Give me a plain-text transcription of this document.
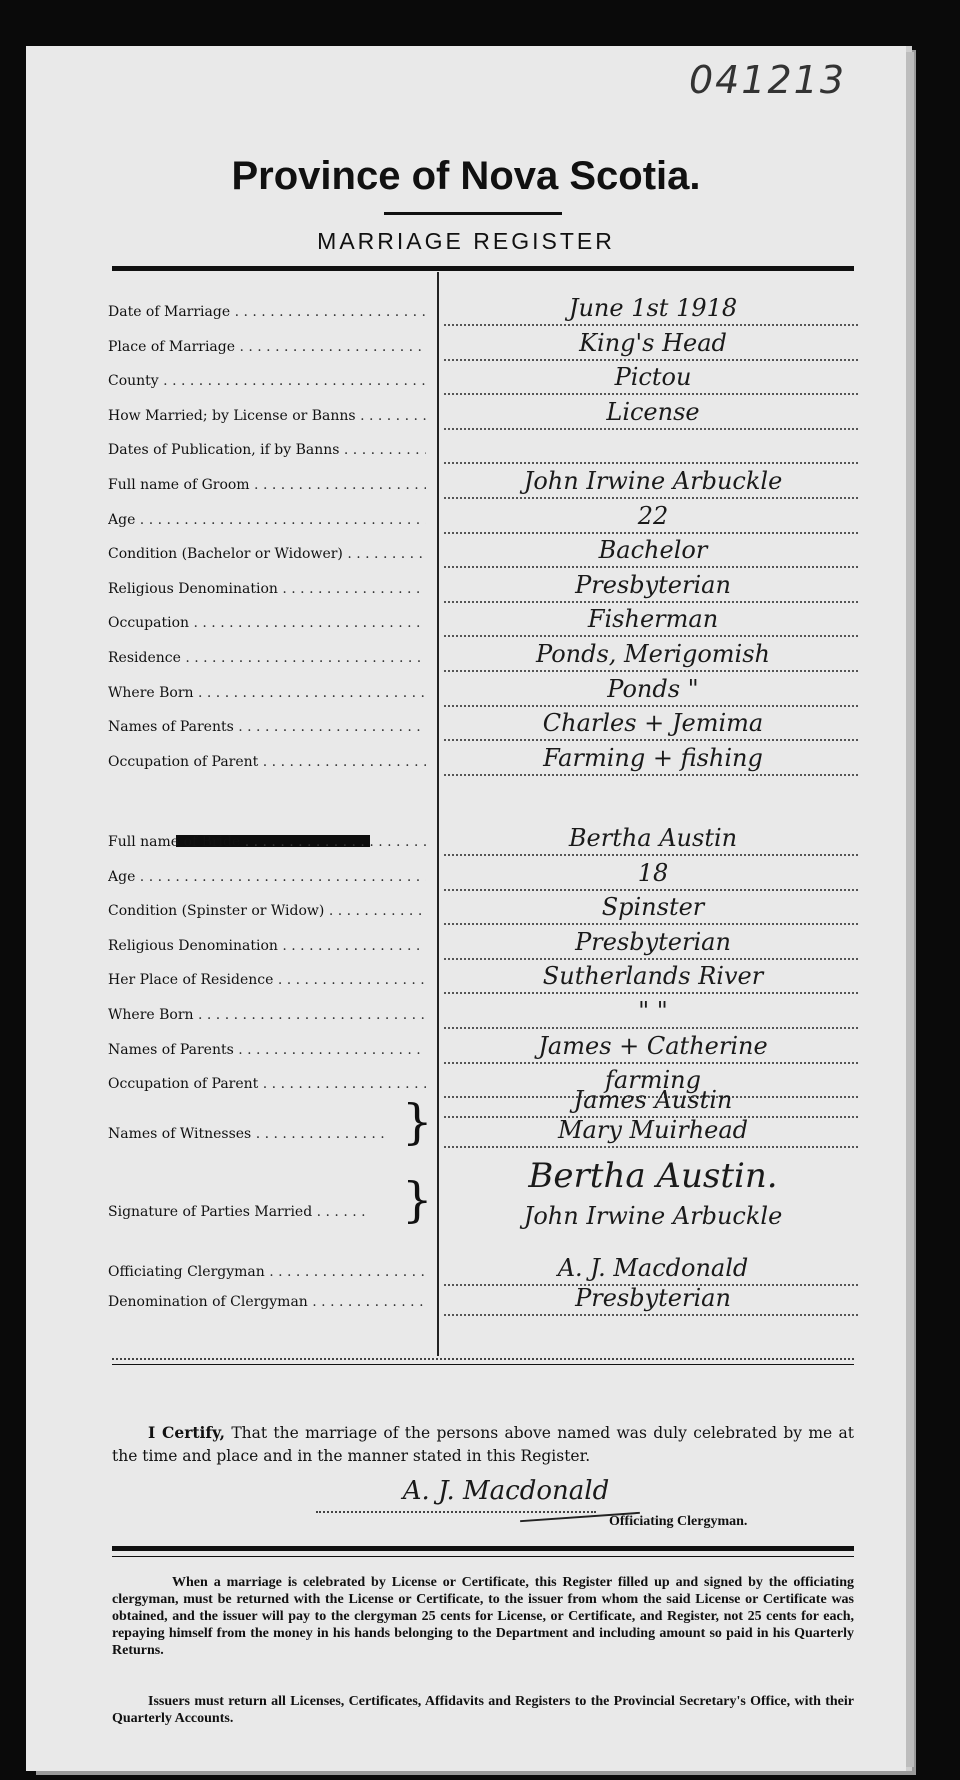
041213
Province of Nova Scotia.
MARRIAGE REGISTER
Date of Marriage . . .	June 1st 1918
Place of Marriage . . .	King's Head
County . . .	Pictou
How Married; by License or Banns . . .	License
Dates of Publication, if by Banns . . .
Full name of Groom . . .	John Irwine Arbuckle
Age . . .	22
Condition (Bachelor or Widower) . . .	Bachelor
Religious Denomination . . .	Presbyterian
Occupation . . .	Fisherman
Residence . . .	Ponds, Merigomish
Where Born . . .	Ponds "
Names of Parents . . .	Charles + Jemima
Occupation of Parent . . .	Farming + fishing
Full name of Bride . . .	Bertha Austin
Age . . .	18
Condition (Spinster or Widow) . . .	Spinster
Religious Denomination . . .	Presbyterian
Her Place of Residence . . .	Sutherlands River
Where Born . . .	" "
Names of Parents . . .	James + Catherine
Occupation of Parent . . .	farming
Names of Witnesses . . .	}	James Austin
Mary Muirhead
Signature of Parties Married . . .	}	Bertha Austin.
John Irwine Arbuckle
Officiating Clergyman . . .	A. J. Macdonald
Denomination of Clergyman . . .	Presbyterian
I Certify, That the marriage of the persons above named was duly celebrated by me at the time and place and in the manner stated in this Register.
A. J. Macdonald
Officiating Clergyman.
When a marriage is celebrated by License or Certificate, this Register filled up and signed by the officiating clergyman, must be returned with the License or Certificate, to the issuer from whom the said License or Certificate was obtained, and the issuer will pay to the clergyman 25 cents for License, or Certificate, and Register, not 25 cents for each, repaying himself from the money in his hands belonging to the Department and including amount so paid in his Quarterly Returns.
Issuers must return all Licenses, Certificates, Affidavits and Registers to the Provincial Secretary's Office, with their Quarterly Accounts.
